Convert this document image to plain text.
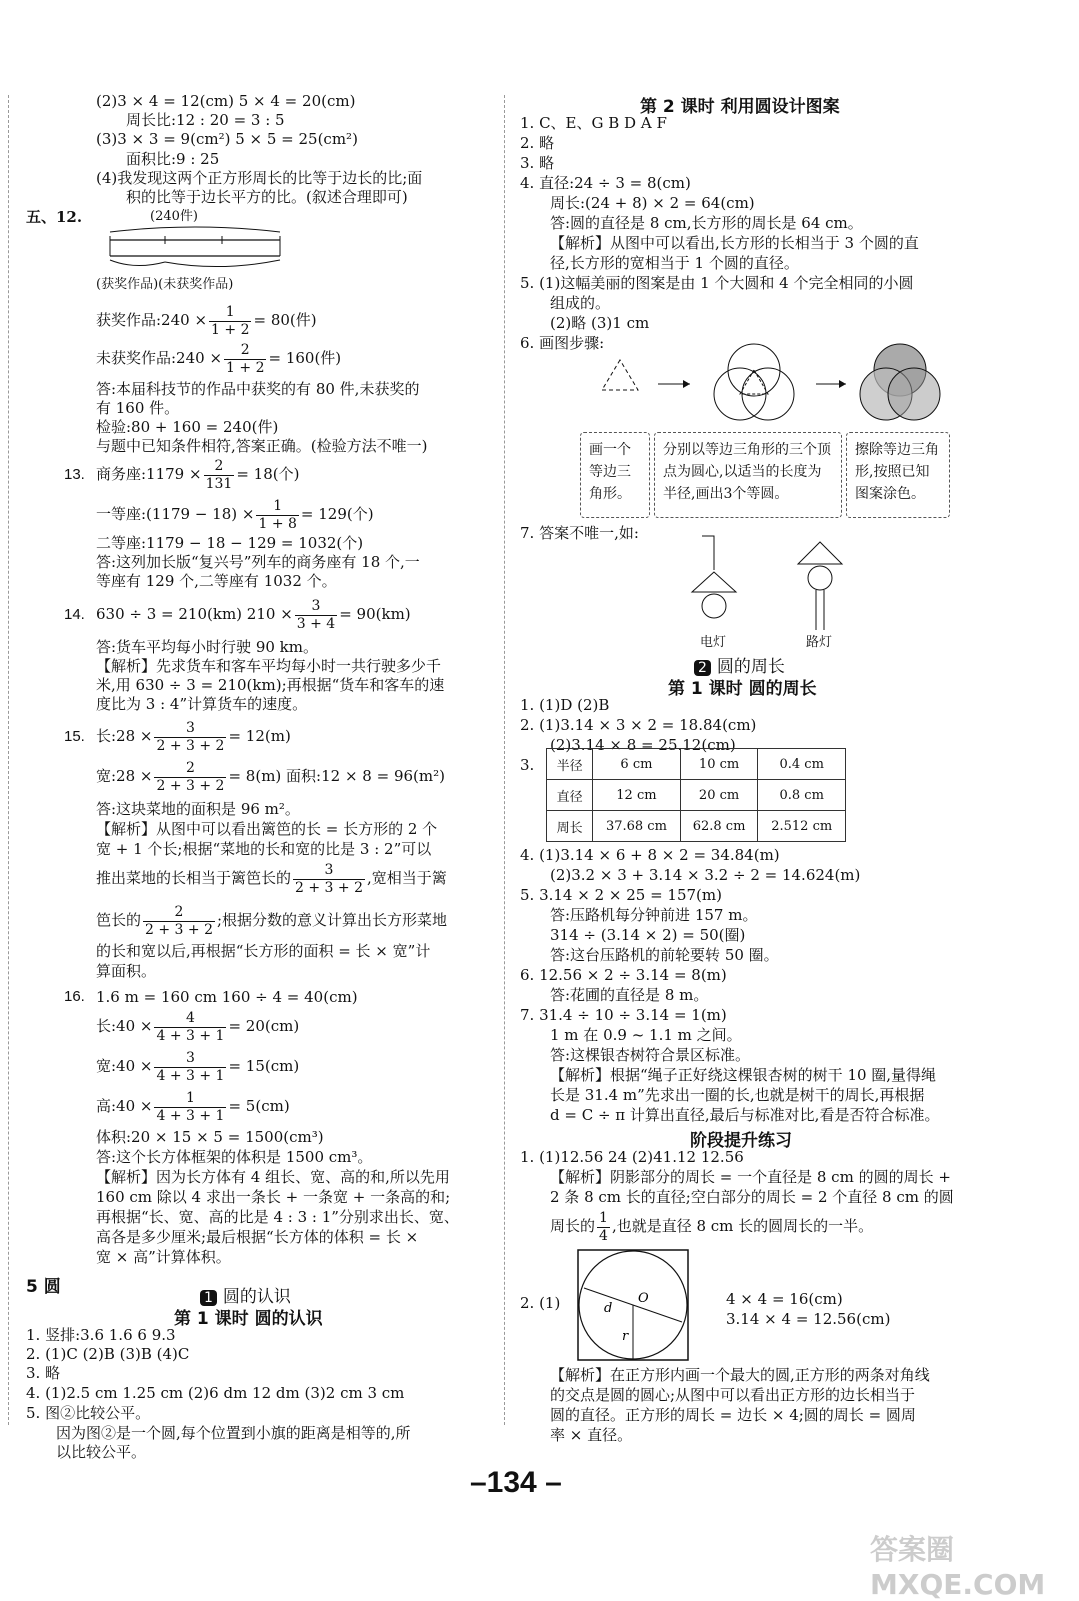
(2)3 × 4 = 12(cm) 5 × 4 = 20(cm)
周长比:12 : 20 = 3 : 5
(3)3 × 3 = 9(cm²) 5 × 5 = 25(cm²)
面积比:9 : 25
(4)我发现这两个正方形周长的比等于边长的比;面
积的比等于边长平方的比。(叙述合理即可)
五、12.	(240件)
(获奖作品)(未获奖作品)
获奖作品:240 × $\frac{1}{1 + 2} = 80$(件)
未获奖作品:240 × $\frac{2}{1 + 2} = 160$(件)
答:本届科技节的作品中获奖的有 80 件,未获奖的
有 160 件。
检验:80 + 160 = 240(件)
与题中已知条件相符,答案正确。(检验方法不唯一)
13. 商务座:1179 × $\frac{2}{131} = 18$(个)
一等座:(1179 − $18) \times \frac{1}{1 + 8} = 129$(个)
二等座:1179 − 18 − 129 = 1032(个)
答:这列加长版“复兴号”列车的商务座有 18 个,一
等座有 129 个,二等座有 1032 个。
14. 630 ÷ 3 = 210(km) $210 \times \frac{3}{3 + 4} = 90(km)$
答:货车平均每小时行驶 90 km。
【解析】先求货车和客车平均每小时一共行驶多少千
米,用 630 ÷ 3 = 210(km);再根据“货车和客车的速
度比为 3 : 4”计算货车的速度。
15. 长:28 × $\frac{3}{2 + 3 + 2} = 12(m)$
宽:28 × $\frac{2}{2 + 3 + 2} = 8(m)$ 面积:12 × 8 = 96(m²)
答:这块菜地的面积是 96 m²。
【解析】从图中可以看出篱笆的长 = 长方形的 2 个
宽 + 1 个长;根据“菜地的长和宽的比是 3 : 2”可以
推出菜地的长相当于篱笆长的 $\frac{3}{2 + 3 + 2}$ ,宽相当于篱
笆长的 $\frac{2}{2 + 3 + 2}$ ;根据分数的意义计算出长方形菜地
的长和宽以后,再根据“长方形的面积 = 长 × 宽”计
算面积。
16. 1.6 m = 160 cm 160 ÷ 4 = 40(cm)
长:40 × $\frac{4}{4 + 3 + 1} = 20(cm)$
宽:40 × $\frac{3}{4 + 3 + 1} = 15(cm)$
高:40 × $\frac{1}{4 + 3 + 1} = 5(cm)$
体积:20 × 15 × 5 = 1500(cm³)
答:这个长方体框架的体积是 1500 cm³。
【解析】因为长方体有 4 组长、宽、高的和,所以先用
160 cm 除以 4 求出一条长 + 一条宽 + 一条高的和;
再根据“长、宽、高的比是 4 : 3 : 1”分别求出长、宽、
高各是多少厘米;最后根据“长方体的体积 = 长 ×
宽 × 高”计算体积。
5 圆
1 圆的认识
第 1 课时 圆的认识
1. 竖排:3.6 1.6 6 9.3
2. (1)C (2)B (3)B (4)C
3. 略
4. (1)2.5 cm 1.25 cm (2)6 dm 12 dm (3)2 cm 3 cm
5. 图②比较公平。
因为图②是一个圆,每个位置到小旗的距离是相等的,所
以比较公平。
第 2 课时 利用圆设计图案
1. C、E、G B D A F
2. 略
3. 略
4. 直径:24 ÷ 3 = 8(cm)
周长:(24 + 8) × 2 = 64(cm)
答:圆的直径是 8 cm,长方形的周长是 64 cm。
【解析】从图中可以看出,长方形的长相当于 3 个圆的直
径,长方形的宽相当于 1 个圆的直径。
5. (1)这幅美丽的图案是由 1 个大圆和 4 个完全相同的小圆
组成的。
(2)略 (3)1 cm
6. 画图步骤:
画一个等边三角形。
分别以等边三角形的三个顶点为圆心,以适当的长度为半径,画出3个等圆。
擦除等边三角形,按照已知图案涂色。
7. 答案不唯一,如:
电灯	路灯
2 圆的周长
第 1 课时 圆的周长
1. (1)D (2)B
2. (1)3.14 × 3 × 2 = 18.84(cm)
(2)3.14 × 8 = 25.12(cm)
3. 半径	6 cm	10 cm	0.4 cm
直径	12 cm	20 cm	0.8 cm
周长	37.68 cm	62.8 cm	2.512 cm
4. (1)3.14 × 6 + 8 × 2 = 34.84(m)
(2)3.2 × 3 + 3.14 × 3.2 ÷ 2 = 14.624(m)
5. 3.14 × 2 × 25 = 157(m)
答:压路机每分钟前进 157 m。
314 ÷ (3.14 × 2) = 50(圈)
答:这台压路机的前轮要转 50 圈。
6. 12.56 × 2 ÷ 3.14 = 8(m)
答:花圃的直径是 8 m。
7. 31.4 ÷ 10 ÷ 3.14 = 1(m)
1 m 在 0.9 ~ 1.1 m 之间。
答:这棵银杏树符合景区标准。
【解析】根据“绳子正好绕这棵银杏树的树干 10 圈,量得绳
长是 31.4 m”先求出一圈的长,也就是树干的周长,再根据
d = C ÷ π 计算出直径,最后与标准对比,看是否符合标准。
阶段提升练习
1. (1)12.56 24 (2)41.12 12.56
【解析】阴影部分的周长 = 一个直径是 8 cm 的圆的周长 +
2 条 8 cm 长的直径;空白部分的周长 = 2 个直径 8 cm 的圆
周长的 $\frac{1}{4}$ ,也就是直径 8 cm 长的圆周长的一半。
2. (1)	d
O
r
4 × 4 = 16(cm)
3.14 × 4 = 12.56(cm)
【解析】在正方形内画一个最大的圆,正方形的两条对角线
的交点是圆的圆心;从图中可以看出正方形的边长相当于
圆的直径。正方形的周长 = 边长 × 4;圆的周长 = 圆周
率 × 直径。
–134 –
答案圈 MXQE.COM
